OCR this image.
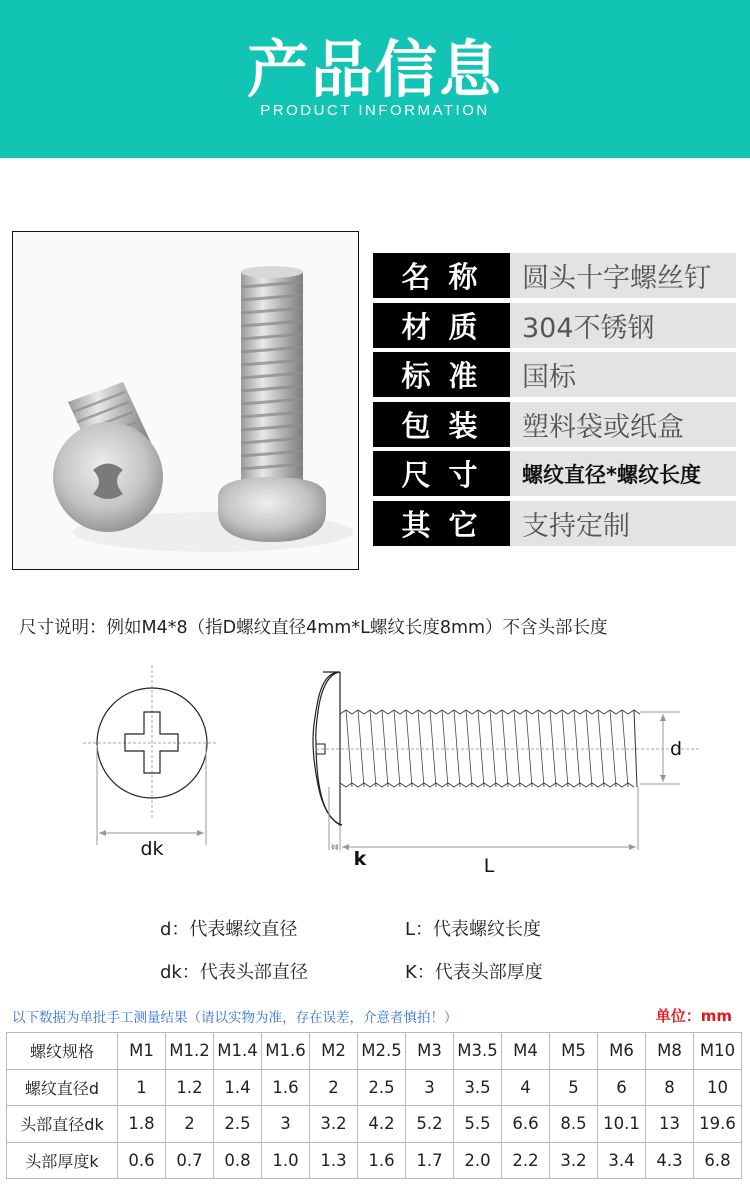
产品信息
PRODUCT INFORMATION
名称 圆头十字螺丝钉
材质 304不锈钢
标准 国标
包装 塑料袋或纸盒
尺寸	螺纹直径*螺纹长度
其它 支持定制
尺寸说明：例如M4*8（指D螺纹直径4mm*L螺纹长度8mm）不含头部长度
dk	k	L
d
d：代表螺纹直径	L：代表螺纹长度
dk：代表头部直径	K：代表头部厚度
以下数据为单批手工测量结果（请以实物为准，存在误差，介意者慎拍！）	单位：mm
螺纹规格	M1	M1.2	M1.4	M1.6	M2	M2.5	M3	M3.5	M4	M5	M6	M8	M10
螺纹直径d	1	1.2	1.4	1.6	2	2.5	3	3.5	4	5	6	8	10
头部直径dk	1.8	2	2.5	3	3.2	4.2	5.2	5.5	6.6	8.5	10.1	13	19.6
头部厚度k	0.6	0.7	0.8	1.0	1.3	1.6	1.7	2.0	2.2	3.2	3.4	4.3	6.8
